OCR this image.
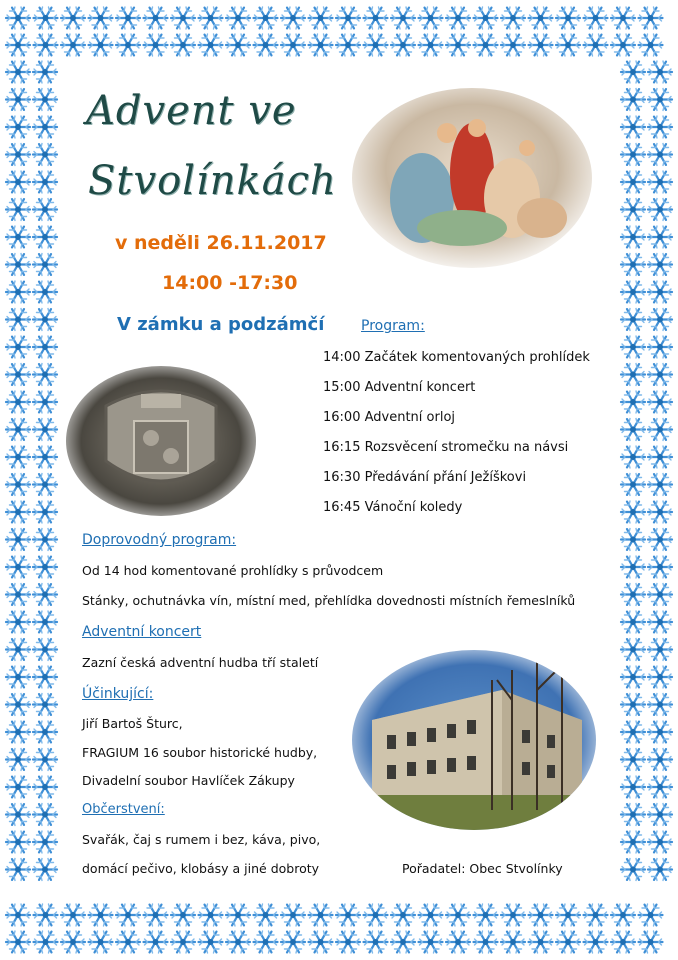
Advent ve
Stvolínkách
v neděli 26.11.2017
14:00 -17:30
V zámku a podzámčí	Program:
14:00 Začátek komentovaných prohlídek
15:00 Adventní koncert
16:00 Adventní orloj
16:15 Rozsvěcení stromečku na návsi
16:30 Předávání přání Ježíškovi
16:45 Vánoční koledy
Doprovodný program:
Od 14 hod komentované prohlídky s průvodcem
Stánky, ochutnávka vín, místní med, přehlídka dovednosti místních řemeslníků
Adventní koncert
Zazní česká adventní hudba tří staletí
Účinkující:
Jiří Bartoš Šturc,
FRAGIUM 16 soubor historické hudby,
Divadelní soubor Havlíček Zákupy
Občerstvení:
Svařák, čaj s rumem i bez, káva, pivo,
domácí pečivo, klobásy a jiné dobroty	Pořadatel: Obec Stvolínky
